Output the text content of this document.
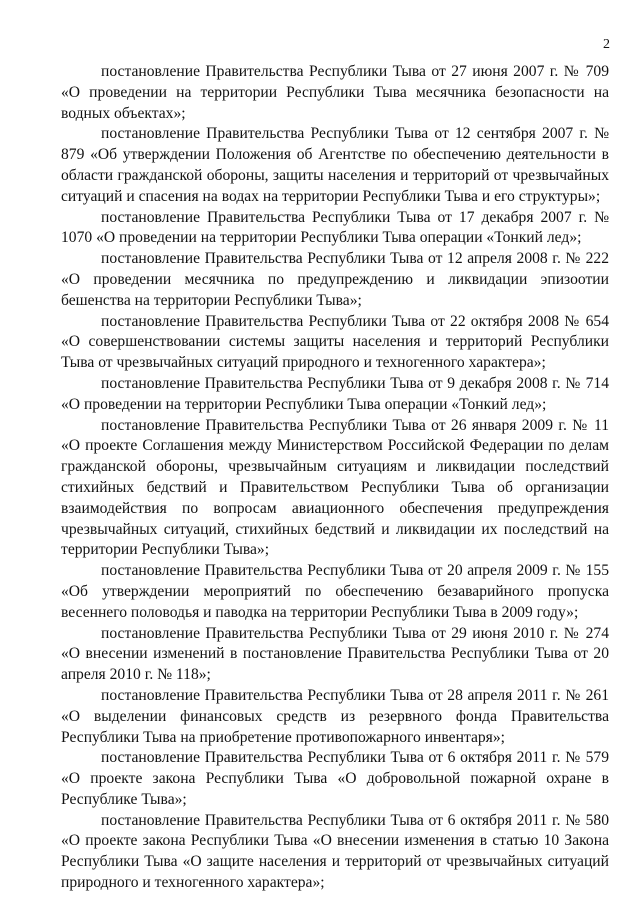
2

постановление Правительства Республики Тыва от 27 июня 2007 г. № 709 «О проведении на территории Республики Тыва месячника безопасности на водных объектах»;

постановление Правительства Республики Тыва от 12 сентября 2007 г. № 879 «Об утверждении Положения об Агентстве по обеспечению деятельности в области гражданской обороны, защиты населения и территорий от чрезвычайных ситуаций и спасения на водах на территории Республики Тыва и его структуры»;

постановление Правительства Республики Тыва от 17 декабря 2007 г. № 1070 «О проведении на территории Республики Тыва операции «Тонкий лед»;

постановление Правительства Республики Тыва от 12 апреля 2008 г. № 222 «О проведении месячника по предупреждению и ликвидации эпизоотии бешенства на территории Республики Тыва»;

постановление Правительства Республики Тыва от 22 октября 2008 № 654 «О совершенствовании системы защиты населения и территорий Республики Тыва от чрезвычайных ситуаций природного и техногенного характера»;

постановление Правительства Республики Тыва от 9 декабря 2008 г. № 714 «О проведении на территории Республики Тыва операции «Тонкий лед»;

постановление Правительства Республики Тыва от 26 января 2009 г. № 11 «О проекте Соглашения между Министерством Российской Федерации по делам гражданской обороны, чрезвычайным ситуациям и ликвидации последствий стихийных бедствий и Правительством Республики Тыва об организации взаимодействия по вопросам авиационного обеспечения предупреждения чрезвычайных ситуаций, стихийных бедствий и ликвидации их последствий на территории Республики Тыва»;

постановление Правительства Республики Тыва от 20 апреля 2009 г. № 155 «Об утверждении мероприятий по обеспечению безаварийного пропуска весеннего половодья и паводка на территории Республики Тыва в 2009 году»;

постановление Правительства Республики Тыва от 29 июня 2010 г. № 274 «О внесении изменений в постановление Правительства Республики Тыва от 20 апреля 2010 г. № 118»;

постановление Правительства Республики Тыва от 28 апреля 2011 г. № 261 «О выделении финансовых средств из резервного фонда Правительства Республики Тыва на приобретение противопожарного инвентаря»;

постановление Правительства Республики Тыва от 6 октября 2011 г. № 579 «О проекте закона Республики Тыва «О добровольной пожарной охране в Республике Тыва»;

постановление Правительства Республики Тыва от 6 октября 2011 г. № 580 «О проекте закона Республики Тыва «О внесении изменения в статью 10 Закона Республики Тыва «О защите населения и территорий от чрезвычайных ситуаций природного и техногенного характера»;
